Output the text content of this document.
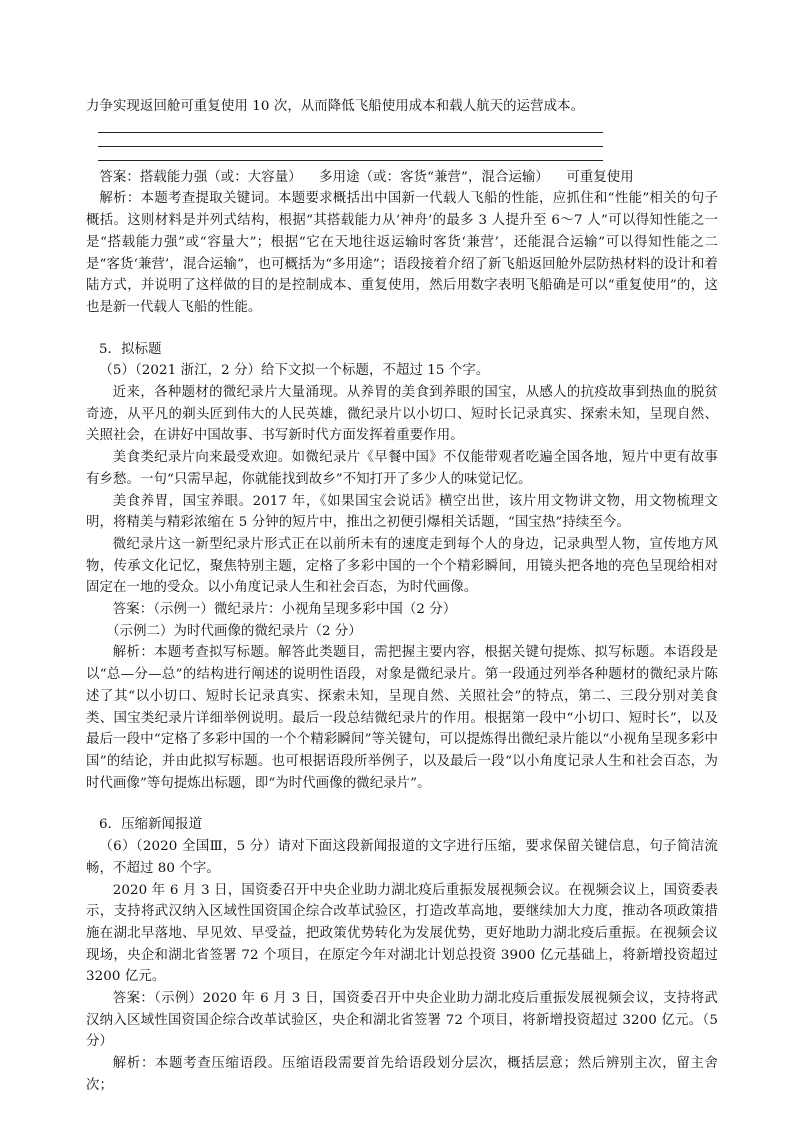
力争实现返回舱可重复使用 10 次，从而降低飞船使用成本和载人航天的运营成本。

答案：搭载能力强（或：大容量）    多用途（或：客货“兼营”，混合运输）    可重复使用

解析：本题考查提取关键词。本题要求概括出中国新一代载人飞船的性能，应抓住和“性能”相关的句子概括。这则材料是并列式结构，根据“其搭载能力从‘神舟’的最多 3 人提升至 6～7 人”可以得知性能之一是“搭载能力强”或“容量大”；根据“它在天地往返运输时客货‘兼营’，还能混合运输”可以得知性能之二是“客货‘兼营’，混合运输”，也可概括为“多用途”；语段接着介绍了新飞船返回舱外层防热材料的设计和着陆方式，并说明了这样做的目的是控制成本、重复使用，然后用数字表明飞船确是可以“重复使用”的，这也是新一代载人飞船的性能。

5．拟标题

（5）（2021 浙江，2 分）给下文拟一个标题，不超过 15 个字。

近来，各种题材的微纪录片大量涌现。从养胃的美食到养眼的国宝，从感人的抗疫故事到热血的脱贫奇迹，从平凡的剃头匠到伟大的人民英雄，微纪录片以小切口、短时长记录真实、探索未知，呈现自然、关照社会，在讲好中国故事、书写新时代方面发挥着重要作用。

美食类纪录片向来最受欢迎。如微纪录片《早餐中国》不仅能带观者吃遍全国各地，短片中更有故事有乡愁。一句“只需早起，你就能找到故乡”不知打开了多少人的味觉记忆。

美食养胃，国宝养眼。2017 年，《如果国宝会说话》横空出世，该片用文物讲文物，用文物梳理文明，将精美与精彩浓缩在 5 分钟的短片中，推出之初便引爆相关话题，“国宝热”持续至今。

微纪录片这一新型纪录片形式正在以前所未有的速度走到每个人的身边，记录典型人物，宣传地方风物，传承文化记忆，聚焦特别主题，定格了多彩中国的一个个精彩瞬间，用镜头把各地的亮色呈现给相对固定在一地的受众。以小角度记录人生和社会百态，为时代画像。

答案：（示例一）微纪录片：小视角呈现多彩中国（2 分）

（示例二）为时代画像的微纪录片（2 分）

解析：本题考查拟写标题。解答此类题目，需把握主要内容，根据关键句提炼、拟写标题。本语段是以“总—分—总”的结构进行阐述的说明性语段，对象是微纪录片。第一段通过列举各种题材的微纪录片陈述了其“以小切口、短时长记录真实、探索未知，呈现自然、关照社会”的特点，第二、三段分别对美食类、国宝类纪录片详细举例说明。最后一段总结微纪录片的作用。根据第一段中“小切口、短时长”，以及最后一段中“定格了多彩中国的一个个精彩瞬间”等关键句，可以提炼得出微纪录片能以“小视角呈现多彩中国”的结论，并由此拟写标题。也可根据语段所举例子，以及最后一段“以小角度记录人生和社会百态，为时代画像”等句提炼出标题，即“为时代画像的微纪录片”。

6．压缩新闻报道

（6）（2020 全国Ⅲ，5 分）请对下面这段新闻报道的文字进行压缩，要求保留关键信息，句子简洁流畅，不超过 80 个字。

2020 年 6 月 3 日，国资委召开中央企业助力湖北疫后重振发展视频会议。在视频会议上，国资委表示，支持将武汉纳入区域性国资国企综合改革试验区，打造改革高地，要继续加大力度，推动各项政策措施在湖北早落地、早见效、早受益，把政策优势转化为发展优势，更好地助力湖北疫后重振。在视频会议现场，央企和湖北省签署 72 个项目，在原定今年对湖北计划总投资 3900 亿元基础上，将新增投资超过 3200 亿元。

答案：（示例）2020 年 6 月 3 日，国资委召开中央企业助力湖北疫后重振发展视频会议，支持将武汉纳入区域性国资国企综合改革试验区，央企和湖北省签署 72 个项目，将新增投资超过 3200 亿元。（5 分）

解析：本题考查压缩语段。压缩语段需要首先给语段划分层次，概括层意；然后辨别主次，留主舍次；
